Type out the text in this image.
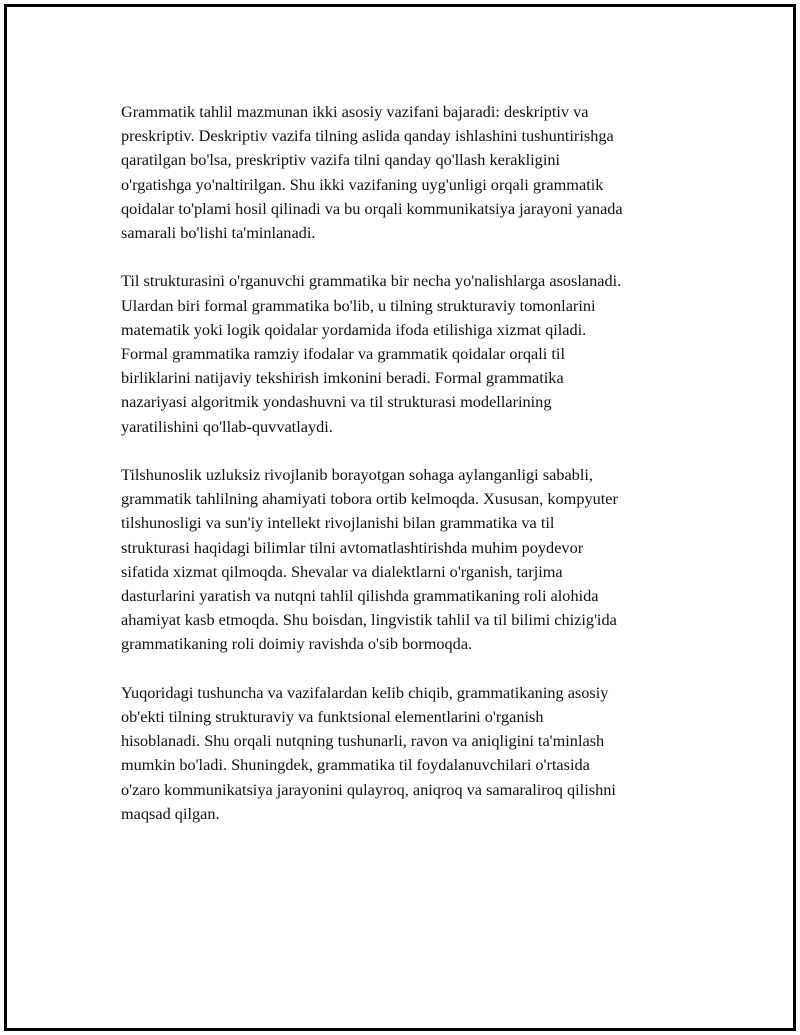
Grammatik tahlil mazmunan ikki asosiy vazifani bajaradi: deskriptiv va
preskriptiv. Deskriptiv vazifa tilning aslida qanday ishlashini tushuntirishga
qaratilgan bo'lsa, preskriptiv vazifa tilni qanday qo'llash kerakligini
o'rgatishga yo'naltirilgan. Shu ikki vazifaning uyg'unligi orqali grammatik
qoidalar to'plami hosil qilinadi va bu orqali kommunikatsiya jarayoni yanada
samarali bo'lishi ta'minlanadi.

Til strukturasini o'rganuvchi grammatika bir necha yo'nalishlarga asoslanadi.
Ulardan biri formal grammatika bo'lib, u tilning strukturaviy tomonlarini
matematik yoki logik qoidalar yordamida ifoda etilishiga xizmat qiladi.
Formal grammatika ramziy ifodalar va grammatik qoidalar orqali til
birliklarini natijaviy tekshirish imkonini beradi. Formal grammatika
nazariyasi algoritmik yondashuvni va til strukturasi modellarining
yaratilishini qo'llab-quvvatlaydi.

Tilshunoslik uzluksiz rivojlanib borayotgan sohaga aylanganligi sababli,
grammatik tahlilning ahamiyati tobora ortib kelmoqda. Xususan, kompyuter
tilshunosligi va sun'iy intellekt rivojlanishi bilan grammatika va til
strukturasi haqidagi bilimlar tilni avtomatlashtirishda muhim poydevor
sifatida xizmat qilmoqda. Shevalar va dialektlarni o'rganish, tarjima
dasturlarini yaratish va nutqni tahlil qilishda grammatikaning roli alohida
ahamiyat kasb etmoqda. Shu boisdan, lingvistik tahlil va til bilimi chizig'ida
grammatikaning roli doimiy ravishda o'sib bormoqda.

Yuqoridagi tushuncha va vazifalardan kelib chiqib, grammatikaning asosiy
ob'ekti tilning strukturaviy va funktsional elementlarini o'rganish
hisoblanadi. Shu orqali nutqning tushunarli, ravon va aniqligini ta'minlash
mumkin bo'ladi. Shuningdek, grammatika til foydalanuvchilari o'rtasida
o'zaro kommunikatsiya jarayonini qulayroq, aniqroq va samaraliroq qilishni
maqsad qilgan.
